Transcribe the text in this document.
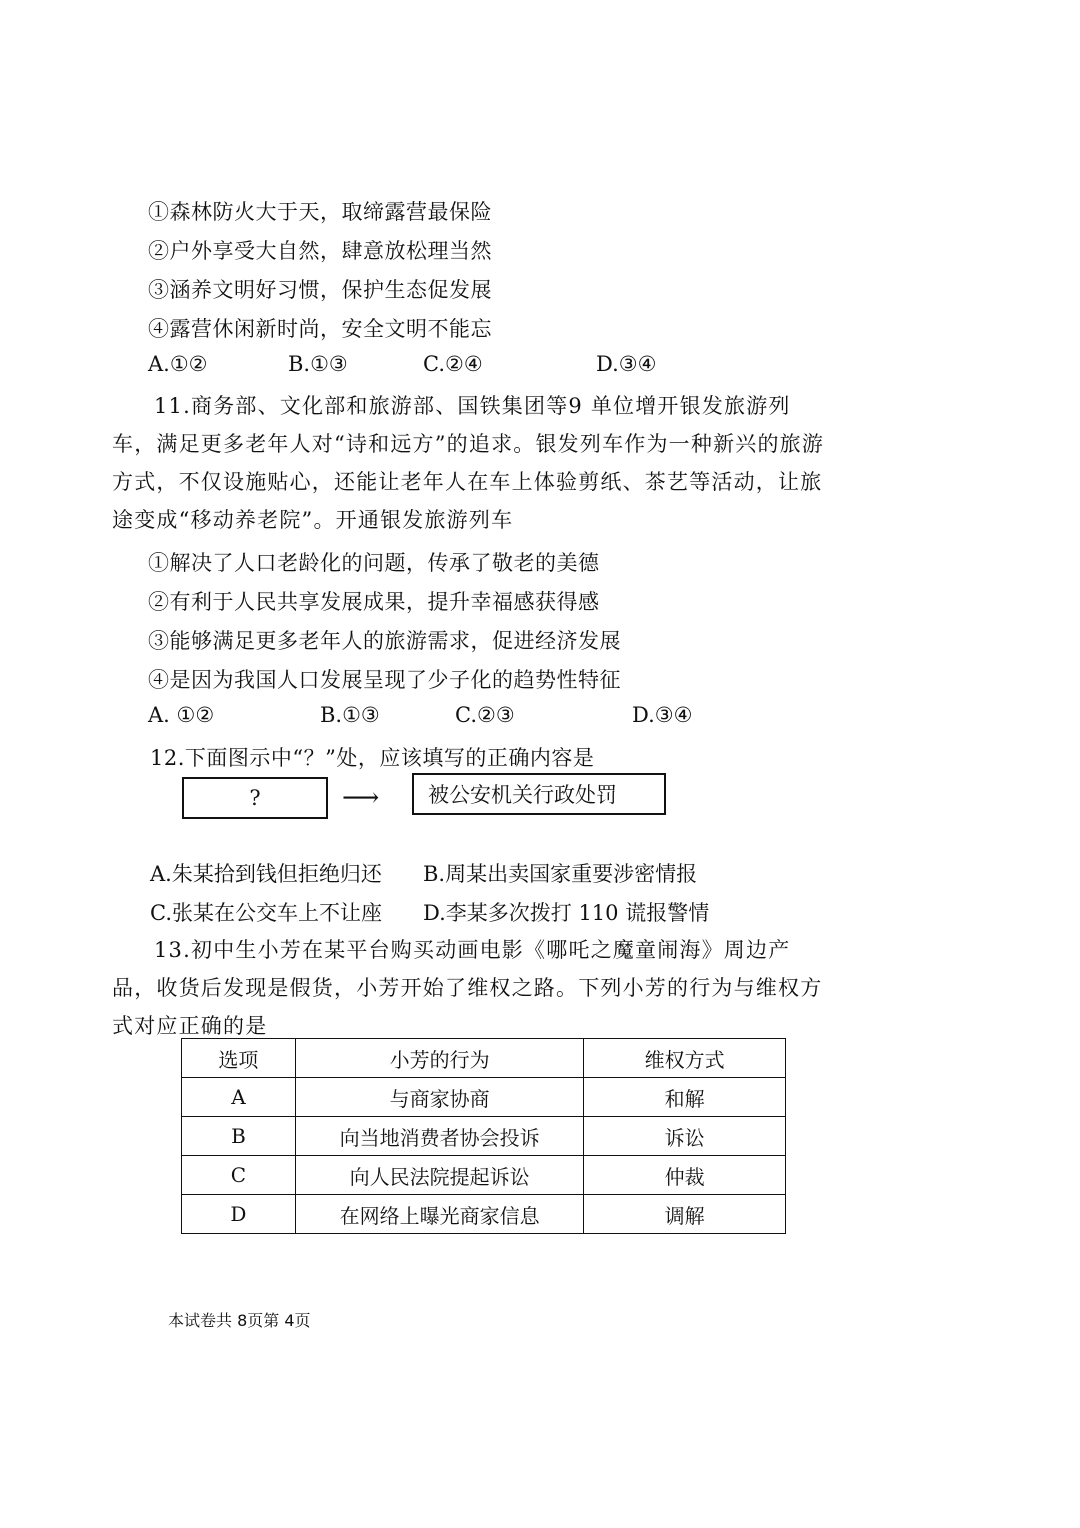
①森林防火大于天，取缔露营最保险
②户外享受大自然，肆意放松理当然
③涵养文明好习惯，保护生态促发展
④露营休闲新时尚，安全文明不能忘
A.①②	B.①③	C.②④	D.③④
11.商务部、文化部和旅游部、国铁集团等9 单位增开银发旅游列车，满足更多老年人对“诗和远方”的追求。银发列车作为一种新兴的旅游方式，不仅设施贴心，还能让老年人在车上体验剪纸、茶艺等活动，让旅途变成“移动养老院”。开通银发旅游列车
①解决了人口老龄化的问题，传承了敬老的美德
②有利于人民共享发展成果，提升幸福感获得感
③能够满足更多老年人的旅游需求，促进经济发展
④是因为我国人口发展呈现了少子化的趋势性特征
A. ①②	B.①③	C.②③	D.③④
12.下面图示中“？”处，应该填写的正确内容是
?	⟶ 被公安机关行政处罚
A.朱某拾到钱但拒绝归还 B.周某出卖国家重要涉密情报
C.张某在公交车上不让座 D.李某多次拨打 110 谎报警情
13.初中生小芳在某平台购买动画电影《哪吒之魔童闹海》周边产品，收货后发现是假货，小芳开始了维权之路。下列小芳的行为与维权方式对应正确的是
选项	小芳的行为	维权方式
A	与商家协商	和解
B	向当地消费者协会投诉	诉讼
C	向人民法院提起诉讼	仲裁
D	在网络上曝光商家信息	调解
本试卷共 8页第 4页
